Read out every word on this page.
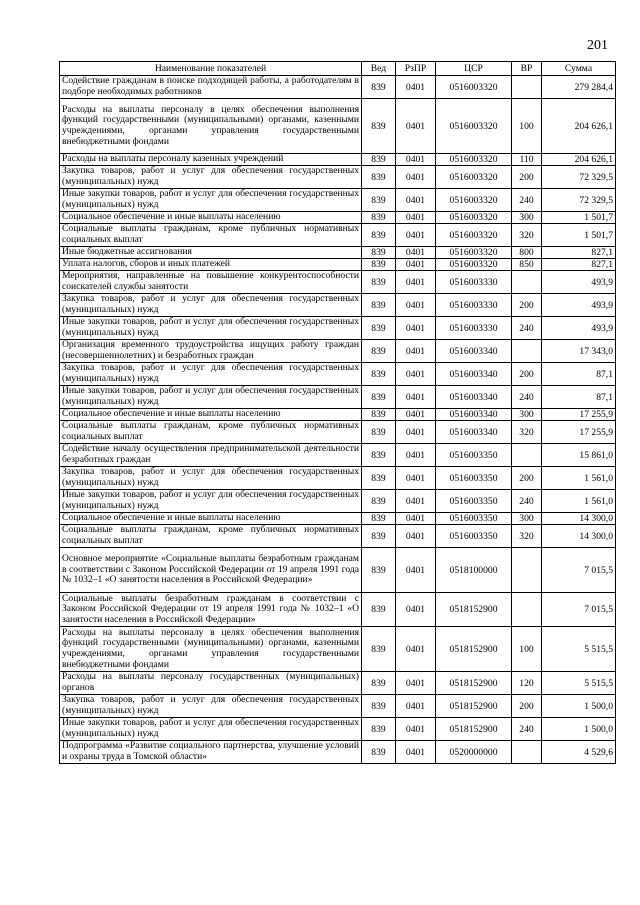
201
Наименование показателей	Вед	РзПР	ЦСР	ВР	Сумма
Содействие гражданам в поиске подходящей работы, а работодателям в подборе необходимых работников	839	0401	0516003320		279 284,4
Расходы на выплаты персоналу в целях обеспечения выполнения функций государственными (муниципальными) органами, казенными учреждениями, органами управления государственными внебюджетными фондами	839	0401	0516003320	100	204 626,1
Расходы на выплаты персоналу казенных учреждений	839	0401	0516003320	110	204 626,1
Закупка товаров, работ и услуг для обеспечения государственных (муниципальных) нужд	839	0401	0516003320	200	72 329,5
Иные закупки товаров, работ и услуг для обеспечения государственных (муниципальных) нужд	839	0401	0516003320	240	72 329,5
Социальное обеспечение и иные выплаты населению	839	0401	0516003320	300	1 501,7
Социальные выплаты гражданам, кроме публичных нормативных социальных выплат	839	0401	0516003320	320	1 501,7
Иные бюджетные ассигнования	839	0401	0516003320	800	827,1
Уплата налогов, сборов и иных платежей	839	0401	0516003320	850	827,1
Мероприятия, направленные на повышение конкурентоспособности соискателей службы занятости	839	0401	0516003330		493,9
Закупка товаров, работ и услуг для обеспечения государственных (муниципальных) нужд	839	0401	0516003330	200	493,9
Иные закупки товаров, работ и услуг для обеспечения государственных (муниципальных) нужд	839	0401	0516003330	240	493,9
Организация временного трудоустройства ищущих работу граждан (несовершеннолетних) и безработных граждан	839	0401	0516003340		17 343,0
Закупка товаров, работ и услуг для обеспечения государственных (муниципальных) нужд	839	0401	0516003340	200	87,1
Иные закупки товаров, работ и услуг для обеспечения государственных (муниципальных) нужд	839	0401	0516003340	240	87,1
Социальное обеспечение и иные выплаты населению	839	0401	0516003340	300	17 255,9
Социальные выплаты гражданам, кроме публичных нормативных социальных выплат	839	0401	0516003340	320	17 255,9
Содействие началу осуществления предпринимательской деятельности безработных граждан	839	0401	0516003350		15 861,0
Закупка товаров, работ и услуг для обеспечения государственных (муниципальных) нужд	839	0401	0516003350	200	1 561,0
Иные закупки товаров, работ и услуг для обеспечения государственных (муниципальных) нужд	839	0401	0516003350	240	1 561,0
Социальное обеспечение и иные выплаты населению	839	0401	0516003350	300	14 300,0
Социальные выплаты гражданам, кроме публичных нормативных социальных выплат	839	0401	0516003350	320	14 300,0
Основное мероприятие «Социальные выплаты безработным гражданам в соответствии с Законом Российской Федерации от 19 апреля 1991 года № 1032–1 «О занятости населения в Российской Федерации»	839	0401	0518100000		7 015,5
Социальные выплаты безработным гражданам в соответствии с Законом Российской Федерации от 19 апреля 1991 года № 1032–1 «О занятости населения в Российской Федерации»	839	0401	0518152900		7 015,5
Расходы на выплаты персоналу в целях обеспечения выполнения функций государственными (муниципальными) органами, казенными учреждениями, органами управления государственными внебюджетными фондами	839	0401	0518152900	100	5 515,5
Расходы на выплаты персоналу государственных (муниципальных) органов	839	0401	0518152900	120	5 515,5
Закупка товаров, работ и услуг для обеспечения государственных (муниципальных) нужд	839	0401	0518152900	200	1 500,0
Иные закупки товаров, работ и услуг для обеспечения государственных (муниципальных) нужд	839	0401	0518152900	240	1 500,0
Подпрограмма «Развитие социального партнерства, улучшение условий и охраны труда в Томской области»	839	0401	0520000000		4 529,6
